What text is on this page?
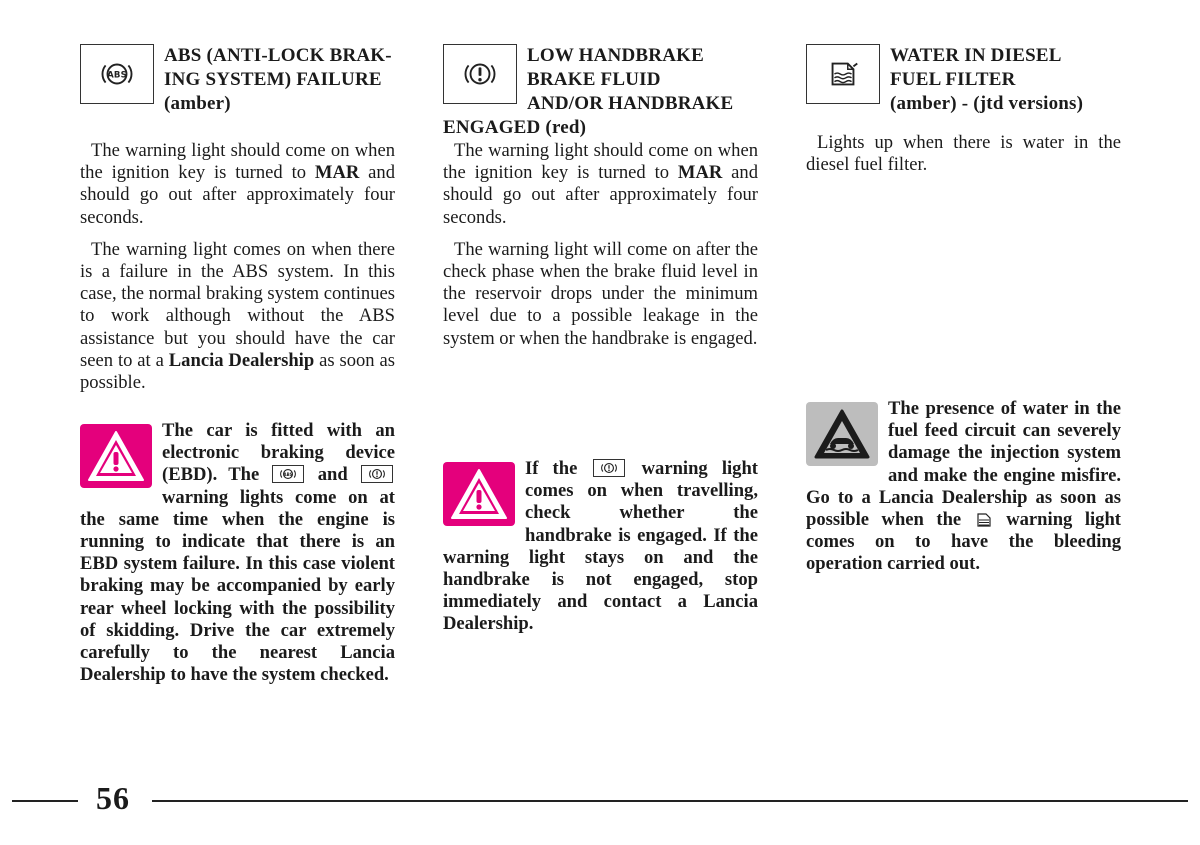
ABS
ABS (ANTI-LOCK BRAK-
ING SYSTEM) FAILURE
(amber)

The warning light should come on when the ignition key is turned to MAR and should go out after approximately four seconds.

The warning light comes on when there is a failure in the ABS system. In this case, the normal braking system continues to work although without the ABS assistance but you should have the car seen to at a Lancia Dealership as soon as possible.

The car is fitted with an electronic braking device (EBD). The	ABS and
warning lights come on at the same time when the engine is running to indicate that there is an EBD system failure. In this case violent braking may be accompanied by early rear wheel locking with the possibility of skidding. Drive the car extremely carefully to the nearest Lancia Dealership to have the system checked.
LOW HANDBRAKE
BRAKE FLUID
AND/OR HANDBRAKE
ENGAGED (red)

The warning light should come on when the ignition key is turned to MAR and should go out after approximately four seconds.

The warning light will come on after the check phase when the brake fluid level in the reservoir drops under the minimum level due to a possible leakage in the system or when the handbrake is engaged.

If the
warning light comes on when travelling, check whether the handbrake is engaged. If the warning light stays on and the handbrake is not engaged, stop immediately and contact a Lancia Dealership.
WATER IN DIESEL
FUEL FILTER
(amber) - (jtd versions)

Lights up when there is water in the diesel fuel filter.

The presence of water in the fuel feed circuit can severely damage the injection system and make the engine misfire. Go to a Lancia Dealership as soon as possible when the
warning light comes on to have the bleeding operation carried out.
56
